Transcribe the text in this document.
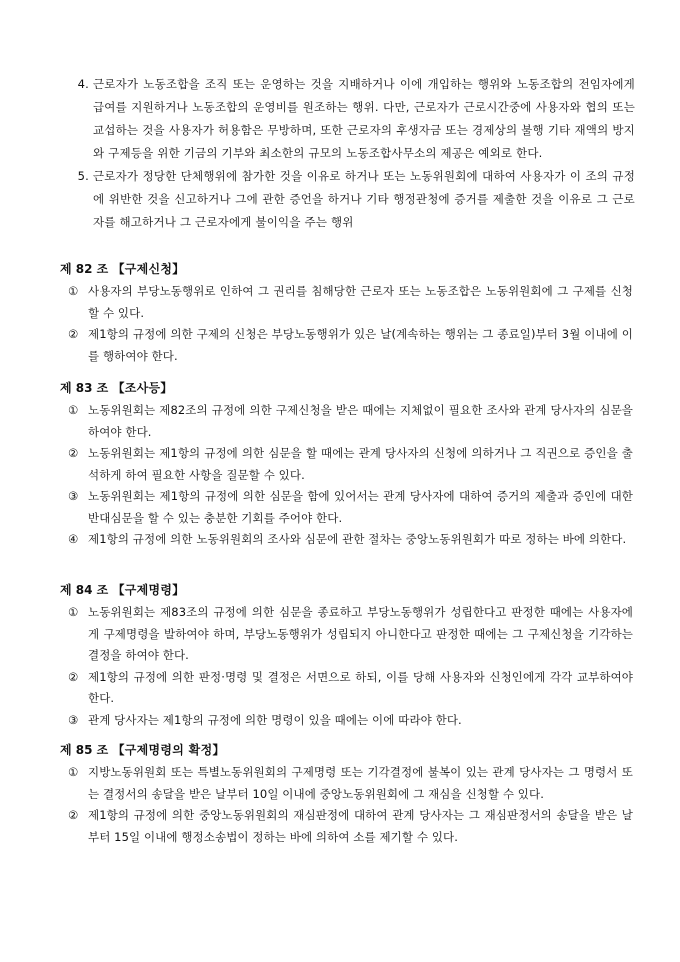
4. 근로자가 노동조합을 조직 또는 운영하는 것을 지배하거나 이에 개입하는 행위와 노동조합의 전임자에게 급여를 지원하거나 노동조합의 운영비를 원조하는 행위. 다만, 근로자가 근로시간중에 사용자와 협의 또는 교섭하는 것을 사용자가 허용함은 무방하며, 또한 근로자의 후생자금 또는 경제상의 불행 기타 재액의 방지와 구제등을 위한 기금의 기부와 최소한의 규모의 노동조합사무소의 제공은 예외로 한다.
5. 근로자가 정당한 단체행위에 참가한 것을 이유로 하거나 또는 노동위원회에 대하여 사용자가 이 조의 규정에 위반한 것을 신고하거나 그에 관한 증언을 하거나 기타 행정관청에 증거를 제출한 것을 이유로 그 근로자를 해고하거나 그 근로자에게 불이익을 주는 행위
제 82 조 【구제신청】
① 사용자의 부당노동행위로 인하여 그 권리를 침해당한 근로자 또는 노동조합은 노동위원회에 그 구제를 신청할 수 있다.
② 제1항의 규정에 의한 구제의 신청은 부당노동행위가 있은 날(계속하는 행위는 그 종료일)부터 3월 이내에 이를 행하여야 한다.
제 83 조 【조사등】
① 노동위원회는 제82조의 규정에 의한 구제신청을 받은 때에는 지체없이 필요한 조사와 관계 당사자의 심문을 하여야 한다.
② 노동위원회는 제1항의 규정에 의한 심문을 할 때에는 관계 당사자의 신청에 의하거나 그 직권으로 증인을 출석하게 하여 필요한 사항을 질문할 수 있다.
③ 노동위원회는 제1항의 규정에 의한 심문을 함에 있어서는 관계 당사자에 대하여 증거의 제출과 증인에 대한 반대심문을 할 수 있는 충분한 기회를 주어야 한다.
④ 제1항의 규정에 의한 노동위원회의 조사와 심문에 관한 절차는 중앙노동위원회가 따로 정하는 바에 의한다.
제 84 조 【구제명령】
① 노동위원회는 제83조의 규정에 의한 심문을 종료하고 부당노동행위가 성립한다고 판정한 때에는 사용자에게 구제명령을 발하여야 하며, 부당노동행위가 성립되지 아니한다고 판정한 때에는 그 구제신청을 기각하는 결정을 하여야 한다.
② 제1항의 규정에 의한 판정·명령 및 결정은 서면으로 하되, 이를 당해 사용자와 신청인에게 각각 교부하여야 한다.
③ 관계 당사자는 제1항의 규정에 의한 명령이 있을 때에는 이에 따라야 한다.
제 85 조 【구제명령의 확정】
① 지방노동위원회 또는 특별노동위원회의 구제명령 또는 기각결정에 불복이 있는 관계 당사자는 그 명령서 또는 결정서의 송달을 받은 날부터 10일 이내에 중앙노동위원회에 그 재심을 신청할 수 있다.
② 제1항의 규정에 의한 중앙노동위원회의 재심판정에 대하여 관계 당사자는 그 재심판정서의 송달을 받은 날부터 15일 이내에 행정소송법이 정하는 바에 의하여 소를 제기할 수 있다.
